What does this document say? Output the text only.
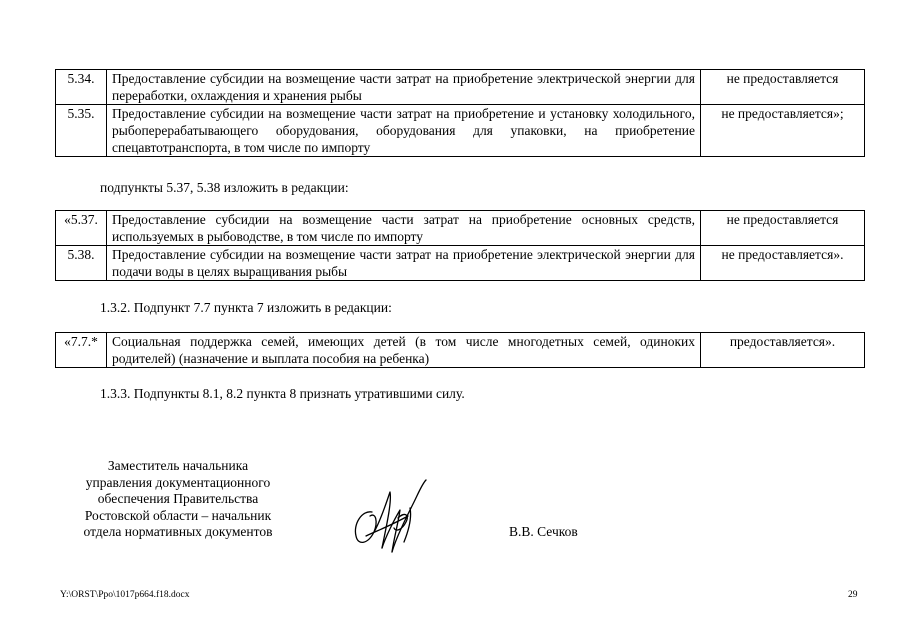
5.34.	Предоставление субсидии на возмещение части затрат на приобретение электрической энергии для переработки, охлаждения и хранения рыбы	не предоставляется
5.35.	Предоставление субсидии на возмещение части затрат на приобретение и установку холодильного, рыбоперерабатывающего оборудования, оборудования для упаковки, на приобретение спецавтотранспорта, в том числе по импорту	не предоставляется»;
подпункты 5.37, 5.38 изложить в редакции:
«5.37.	Предоставление субсидии на возмещение части затрат на приобретение основных средств, используемых в рыбоводстве, в том числе по импорту	не предоставляется
5.38.	Предоставление субсидии на возмещение части затрат на приобретение электрической энергии для подачи воды в целях выращивания рыбы	не предоставляется».
1.3.2. Подпункт 7.7 пункта 7 изложить в редакции:
«7.7.*	Социальная поддержка семей, имеющих детей (в том числе многодетных семей, одиноких родителей) (назначение и выплата пособия на ребенка)	предоставляется».
1.3.3. Подпункты 8.1, 8.2 пункта 8 признать утратившими силу.
Заместитель начальника
управления документационного
обеспечения Правительства
Ростовской области – начальник
отдела нормативных документов	В.В. Сечков
Y:\ORST\Ppo\1017p664.f18.docx	29
